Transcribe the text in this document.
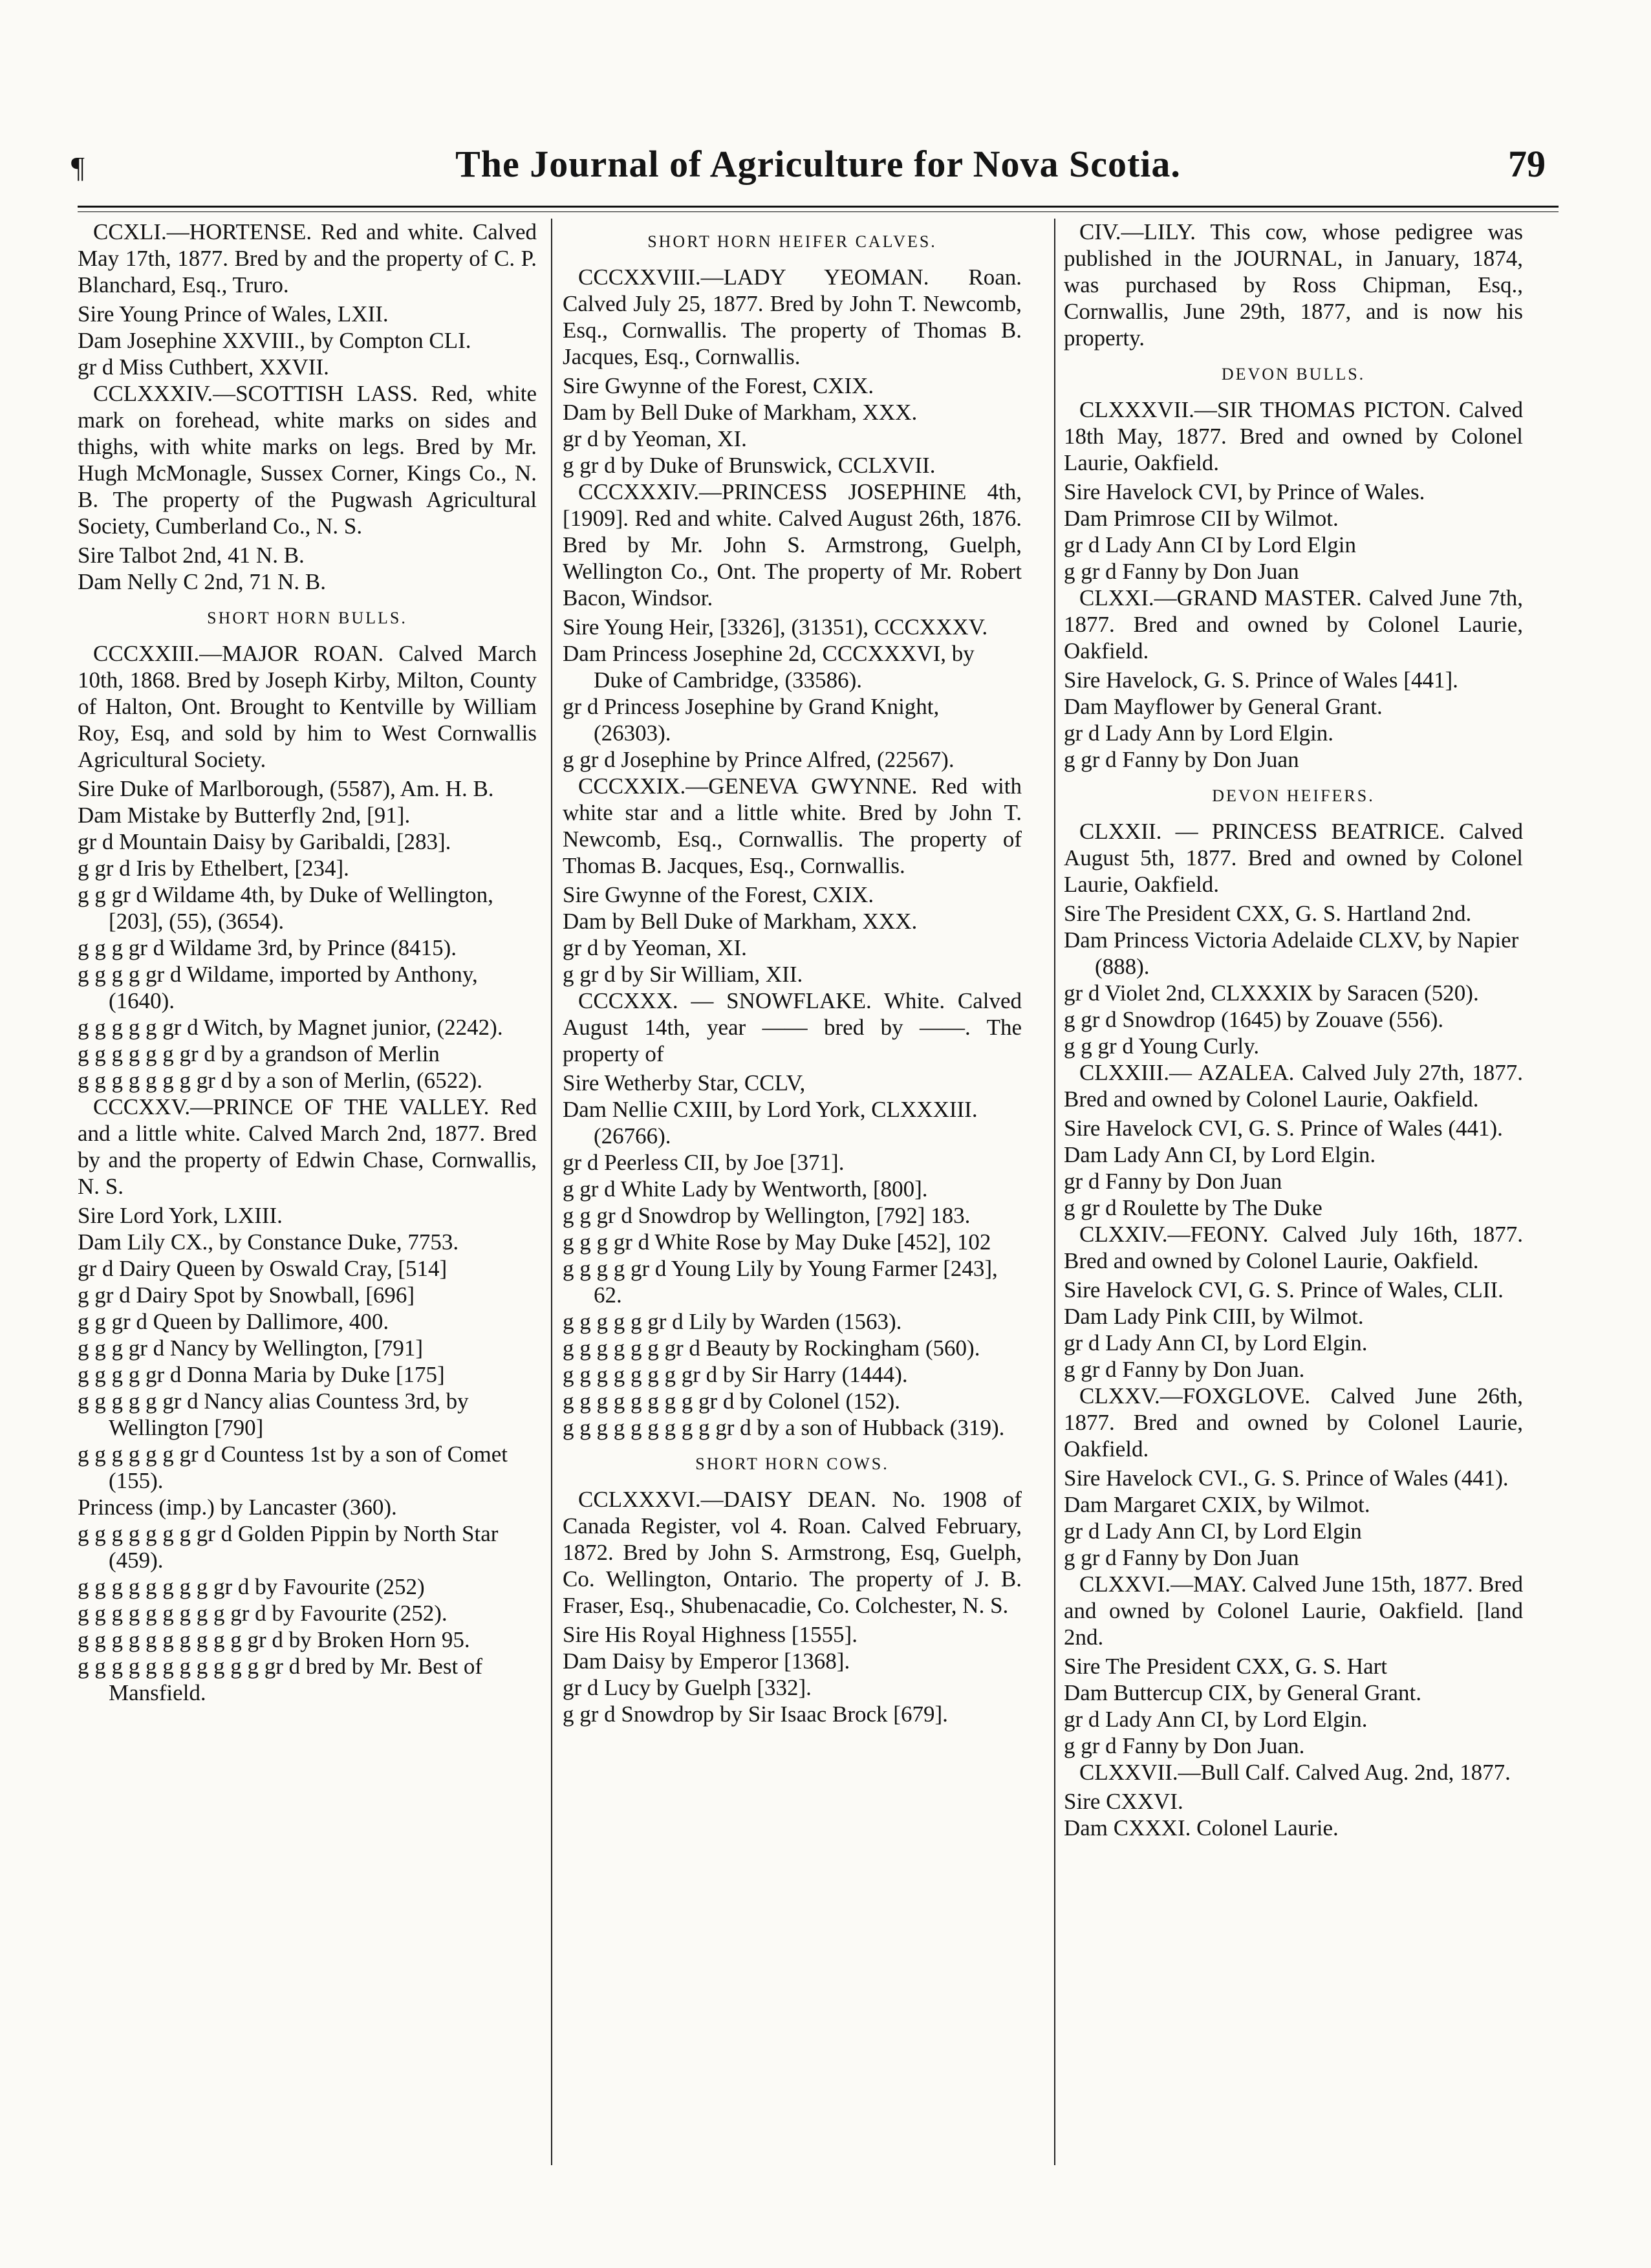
¶	The Journal of Agriculture for Nova Scotia.	79
CCXLI.—HORTENSE. Red and white. Calved May 17th, 1877. Bred by and the property of C. P. Blanchard, Esq., Truro.
Sire Young Prince of Wales, LXII.
Dam Josephine XXVIII., by Compton CLI.
gr d Miss Cuthbert, XXVII.
CCLXXXIV.—SCOTTISH LASS. Red, white mark on forehead, white marks on sides and thighs, with white marks on legs. Bred by Mr. Hugh McMonagle, Sussex Corner, Kings Co., N. B. The property of the Pugwash Agricultural Society, Cumberland Co., N. S.
Sire Talbot 2nd, 41 N. B.
Dam Nelly C 2nd, 71 N. B.
SHORT HORN BULLS.
CCCXXIII.—MAJOR ROAN. Calved March 10th, 1868. Bred by Joseph Kirby, Milton, County of Halton, Ont. Brought to Kentville by William Roy, Esq, and sold by him to West Cornwallis Agricultural Society.
Sire Duke of Marlborough, (5587), Am. H. B.
Dam Mistake by Butterfly 2nd, [91].
gr d Mountain Daisy by Garibaldi, [283].
g gr d Iris by Ethelbert, [234].
g g gr d Wildame 4th, by Duke of Wellington, [203], (55), (3654).
g g g gr d Wildame 3rd, by Prince (8415).
g g g g gr d Wildame, imported by Anthony, (1640).
g g g g g gr d Witch, by Magnet junior, (2242).
g g g g g g gr d by a grandson of Merlin
g g g g g g g gr d by a son of Merlin, (6522).
CCCXXV.—PRINCE OF THE VALLEY. Red and a little white. Calved March 2nd, 1877. Bred by and the property of Edwin Chase, Cornwallis, N. S.
Sire Lord York, LXIII.
Dam Lily CX., by Constance Duke, 7753.
gr d Dairy Queen by Oswald Cray, [514]
g gr d Dairy Spot by Snowball, [696]
g g gr d Queen by Dallimore, 400.
g g g gr d Nancy by Wellington, [791]
g g g g gr d Donna Maria by Duke [175]
g g g g g gr d Nancy alias Countess 3rd, by Wellington [790]
g g g g g g gr d Countess 1st by a son of Comet (155).
Princess (imp.) by Lancaster (360).
g g g g g g g gr d Golden Pippin by North Star (459).
g g g g g g g g gr d by Favourite (252)
g g g g g g g g g gr d by Favourite (252).
g g g g g g g g g g gr d by Broken Horn 95.
g g g g g g g g g g g gr d bred by Mr. Best of Mansfield.
SHORT HORN HEIFER CALVES.
CCCXXVIII.—LADY YEOMAN. Roan. Calved July 25, 1877. Bred by John T. Newcomb, Esq., Cornwallis. The property of Thomas B. Jacques, Esq., Cornwallis.
Sire Gwynne of the Forest, CXIX.
Dam by Bell Duke of Markham, XXX.
gr d by Yeoman, XI.
g gr d by Duke of Brunswick, CCLXVII.
CCCXXXIV.—PRINCESS JOSEPHINE 4th, [1909]. Red and white. Calved August 26th, 1876. Bred by Mr. John S. Armstrong, Guelph, Wellington Co., Ont. The property of Mr. Robert Bacon, Windsor.
Sire Young Heir, [3326], (31351), CCCXXXV.
Dam Princess Josephine 2d, CCCXXXVI, by Duke of Cambridge, (33586).
gr d Princess Josephine by Grand Knight, (26303).
g gr d Josephine by Prince Alfred, (22567).
CCCXXIX.—GENEVA GWYNNE. Red with white star and a little white. Bred by John T. Newcomb, Esq., Cornwallis. The property of Thomas B. Jacques, Esq., Cornwallis.
Sire Gwynne of the Forest, CXIX.
Dam by Bell Duke of Markham, XXX.
gr d by Yeoman, XI.
g gr d by Sir William, XII.
CCCXXX. — SNOWFLAKE. White. Calved August 14th, year —— bred by ——. The property of
Sire Wetherby Star, CCLV,
Dam Nellie CXIII, by Lord York, CLXXXIII. (26766).
gr d Peerless CII, by Joe [371].
g gr d White Lady by Wentworth, [800].
g g gr d Snowdrop by Wellington, [792] 183.
g g g gr d White Rose by May Duke [452], 102
g g g g gr d Young Lily by Young Farmer [243], 62.
g g g g g gr d Lily by Warden (1563).
g g g g g g gr d Beauty by Rockingham (560).
g g g g g g g gr d by Sir Harry (1444).
g g g g g g g g gr d by Colonel (152).
g g g g g g g g g gr d by a son of Hubback (319).
SHORT HORN COWS.
CCLXXXVI.—DAISY DEAN. No. 1908 of Canada Register, vol 4. Roan. Calved February, 1872. Bred by John S. Armstrong, Esq, Guelph, Co. Wellington, Ontario. The property of J. B. Fraser, Esq., Shubenacadie, Co. Colchester, N. S.
Sire His Royal Highness [1555].
Dam Daisy by Emperor [1368].
gr d Lucy by Guelph [332].
g gr d Snowdrop by Sir Isaac Brock [679].
CIV.—LILY. This cow, whose pedigree was published in the JOURNAL, in January, 1874, was purchased by Ross Chipman, Esq., Cornwallis, June 29th, 1877, and is now his property.
DEVON BULLS.
CLXXXVII.—SIR THOMAS PICTON. Calved 18th May, 1877. Bred and owned by Colonel Laurie, Oakfield.
Sire Havelock CVI, by Prince of Wales.
Dam Primrose CII by Wilmot.
gr d Lady Ann CI by Lord Elgin
g gr d Fanny by Don Juan
CLXXI.—GRAND MASTER. Calved June 7th, 1877. Bred and owned by Colonel Laurie, Oakfield.
Sire Havelock, G. S. Prince of Wales [441].
Dam Mayflower by General Grant.
gr d Lady Ann by Lord Elgin.
g gr d Fanny by Don Juan
DEVON HEIFERS.
CLXXII. — PRINCESS BEATRICE. Calved August 5th, 1877. Bred and owned by Colonel Laurie, Oakfield.
Sire The President CXX, G. S. Hartland 2nd.
Dam Princess Victoria Adelaide CLXV, by Napier (888).
gr d Violet 2nd, CLXXXIX by Saracen (520).
g gr d Snowdrop (1645) by Zouave (556).
g g gr d Young Curly.
CLXXIII.— AZALEA. Calved July 27th, 1877. Bred and owned by Colonel Laurie, Oakfield.
Sire Havelock CVI, G. S. Prince of Wales (441).
Dam Lady Ann CI, by Lord Elgin.
gr d Fanny by Don Juan
g gr d Roulette by The Duke
CLXXIV.—FEONY. Calved July 16th, 1877. Bred and owned by Colonel Laurie, Oakfield.
Sire Havelock CVI, G. S. Prince of Wales, CLII.
Dam Lady Pink CIII, by Wilmot.
gr d Lady Ann CI, by Lord Elgin.
g gr d Fanny by Don Juan.
CLXXV.—FOXGLOVE. Calved June 26th, 1877. Bred and owned by Colonel Laurie, Oakfield.
Sire Havelock CVI., G. S. Prince of Wales (441).
Dam Margaret CXIX, by Wilmot.
gr d Lady Ann CI, by Lord Elgin
g gr d Fanny by Don Juan
CLXXVI.—MAY. Calved June 15th, 1877. Bred and owned by Colonel Laurie, Oakfield. [land 2nd.
Sire The President CXX, G. S. Hart
Dam Buttercup CIX, by General Grant.
gr d Lady Ann CI, by Lord Elgin.
g gr d Fanny by Don Juan.
CLXXVII.—Bull Calf. Calved Aug. 2nd, 1877.
Sire CXXVI.
Dam CXXXI. Colonel Laurie.
